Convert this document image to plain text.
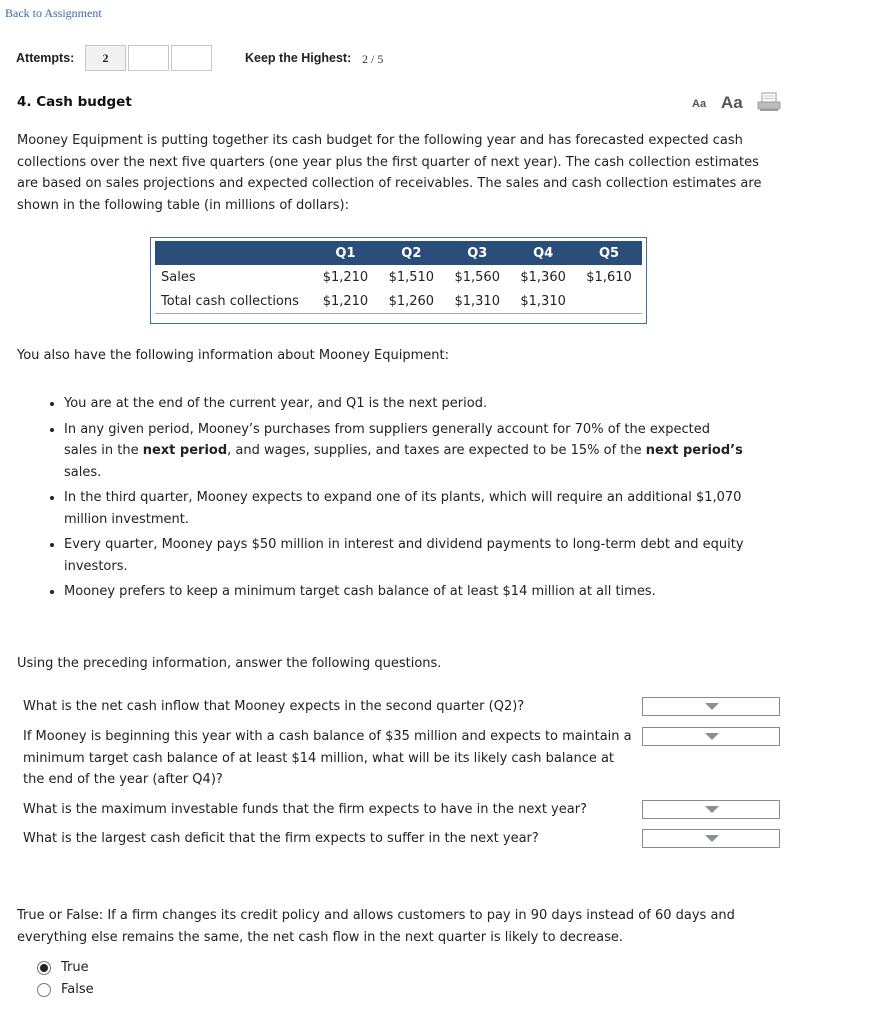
Back to Assignment
Attempts:	2	Keep the Highest: 2 / 5
4. Cash budget	Aa Aa
Mooney Equipment is putting together its cash budget for the following year and has forecasted expected cash collections over the next five quarters (one year plus the first quarter of next year). The cash collection estimates are based on sales projections and expected collection of receivables. The sales and cash collection estimates are shown in the following table (in millions of dollars):
	Q1	Q2	Q3	Q4	Q5
Sales	$1,210	$1,510	$1,560	$1,360	$1,610
Total cash collections	$1,210	$1,260	$1,310	$1,310	
You also have the following information about Mooney Equipment:
• You are at the end of the current year, and Q1 is the next period.
• In any given period, Mooney’s purchases from suppliers generally account for 70% of the expected sales in the next period, and wages, supplies, and taxes are expected to be 15% of the next period’s sales.
• In the third quarter, Mooney expects to expand one of its plants, which will require an additional $1,070 million investment.
• Every quarter, Mooney pays $50 million in interest and dividend payments to long-term debt and equity investors.
• Mooney prefers to keep a minimum target cash balance of at least $14 million at all times.
Using the preceding information, answer the following questions.
What is the net cash inflow that Mooney expects in the second quarter (Q2)?
If Mooney is beginning this year with a cash balance of $35 million and expects to maintain a minimum target cash balance of at least $14 million, what will be its likely cash balance at the end of the year (after Q4)?
What is the maximum investable funds that the firm expects to have in the next year?
What is the largest cash deficit that the firm expects to suffer in the next year?
True or False: If a firm changes its credit policy and allows customers to pay in 90 days instead of 60 days and everything else remains the same, the net cash flow in the next quarter is likely to decrease.
True
False
